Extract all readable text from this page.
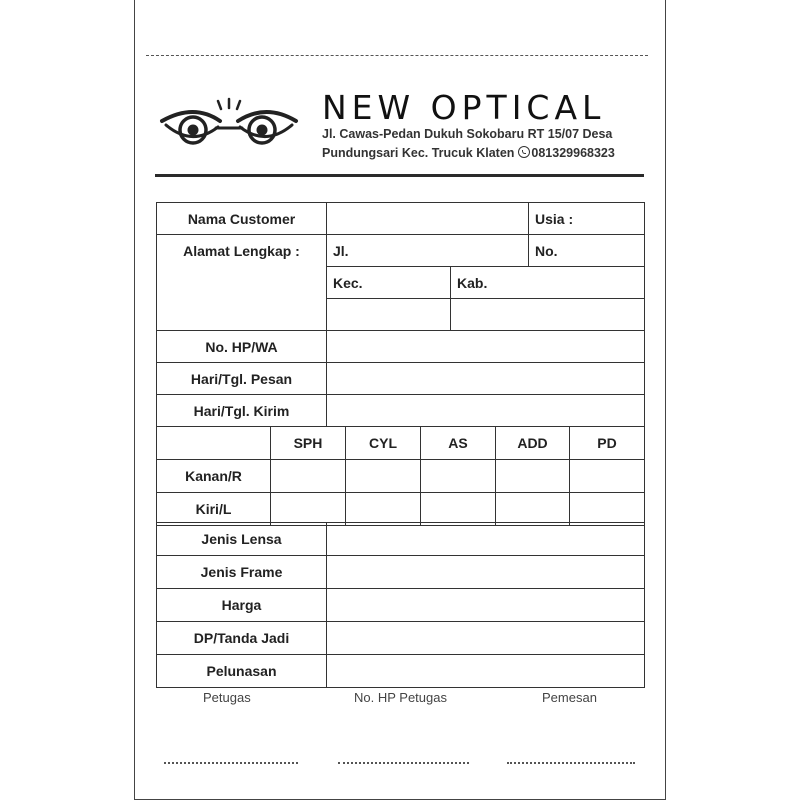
NEW OPTICAL
Jl. Cawas-Pedan Dukuh Sokobaru RT 15/07 Desa
Pundungsari Kec. Trucuk Klaten 081329968323
Nama Customer			Usia :
Alamat Lengkap :	Jl.		No.
	Kec.	Kab.	

No. HP/WA			
Hari/Tgl. Pesan			
Hari/Tgl. Kirim			
	SPH	CYL	AS	ADD	PD
Kanan/R					
Kiri/L					
Jenis Lensa	
Jenis Frame	
Harga	
DP/Tanda Jadi	
Pelunasan	
Petugas	No. HP Petugas	Pemesan
